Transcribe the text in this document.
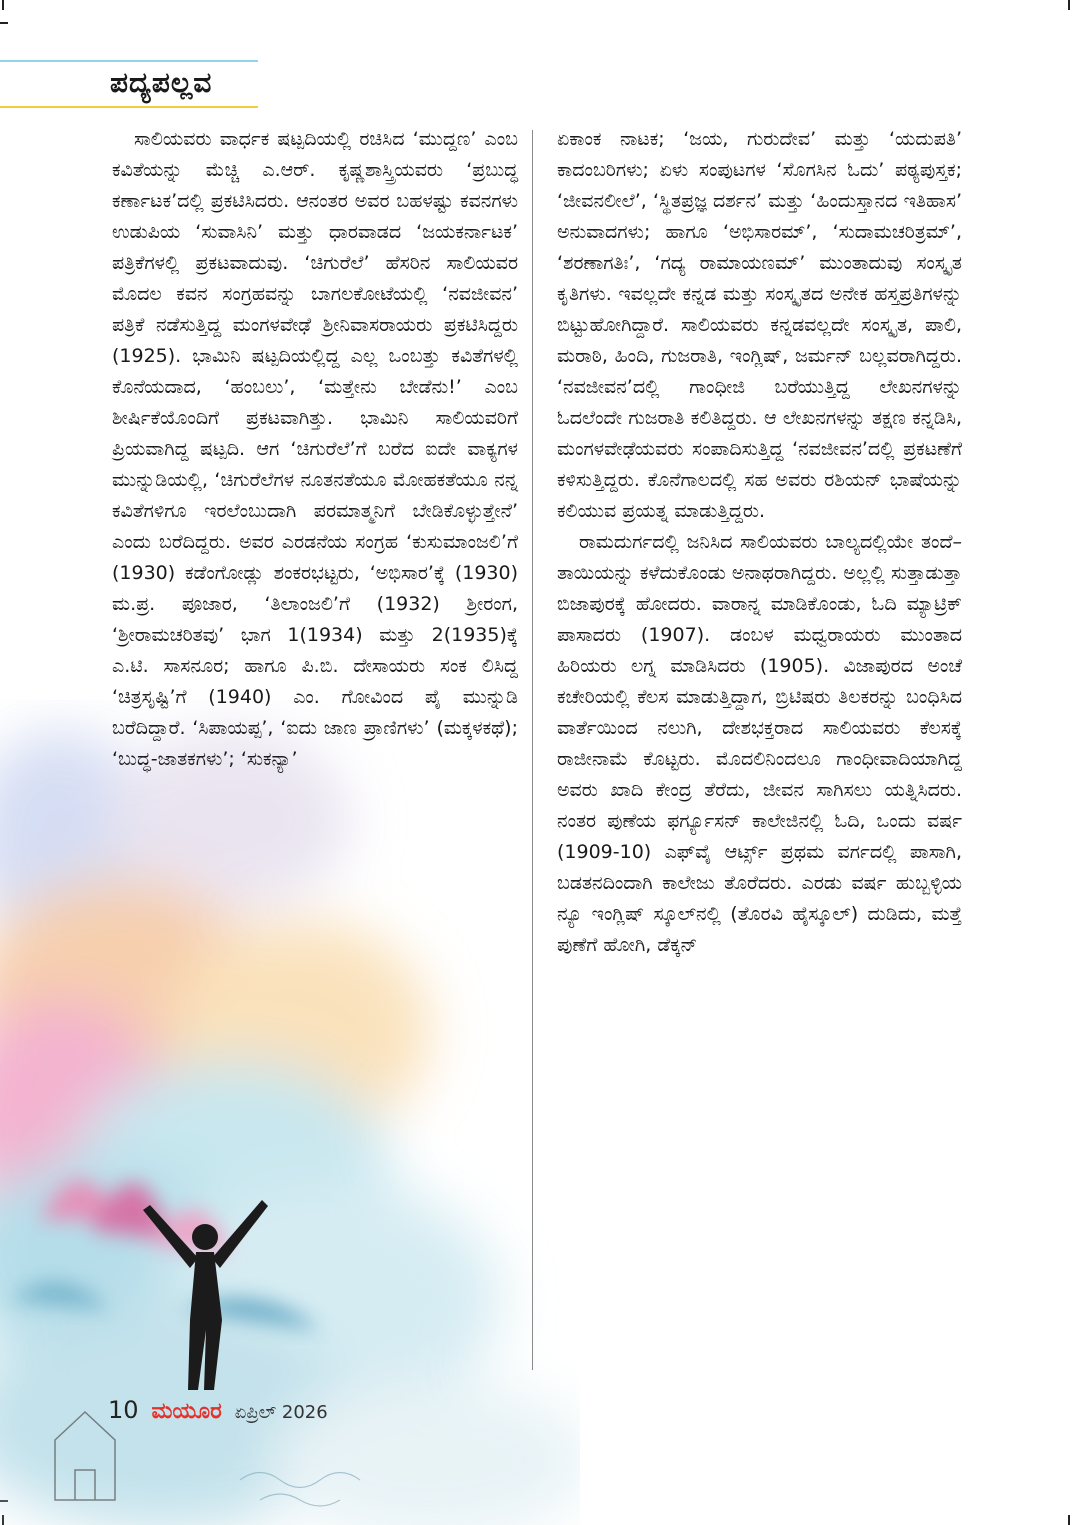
ಪದ್ಯಪಲ್ಲವ

ಸಾಲಿಯವರು ವಾರ್ಧಕ ಷಟ್ಪದಿಯಲ್ಲಿ ರಚಿಸಿದ ‘ಮುದ್ದಣ’ ಎಂಬ ಕವಿತೆಯನ್ನು ಮೆಚ್ಚಿ ಎ.ಆರ್. ಕೃಷ್ಣಶಾಸ್ತ್ರಿಯವರು ‘ಪ್ರಬುದ್ಧ ಕರ್ಣಾಟಕ’ದಲ್ಲಿ ಪ್ರಕಟಿಸಿದರು. ಆನಂತರ ಅವರ ಬಹಳಷ್ಟು ಕವನಗಳು ಉಡುಪಿಯ ‘ಸುವಾಸಿನಿ’ ಮತ್ತು ಧಾರವಾಡದ ‘ಜಯಕರ್ನಾಟಕ’ ಪತ್ರಿಕೆಗಳಲ್ಲಿ ಪ್ರಕಟವಾದುವು. ‘ಚಿಗುರೆಲೆ’ ಹೆಸರಿನ ಸಾಲಿಯವರ ಮೊದಲ ಕವನ ಸಂಗ್ರಹವನ್ನು ಬಾಗಲಕೋಟೆಯಲ್ಲಿ ‘ನವಜೀವನ’ ಪತ್ರಿಕೆ ನಡೆಸುತ್ತಿದ್ದ ಮಂಗಳವೇಢೆ ಶ್ರೀನಿವಾಸರಾಯರು ಪ್ರಕಟಿಸಿದ್ದರು (1925). ಭಾಮಿನಿ ಷಟ್ಪದಿಯಲ್ಲಿದ್ದ ಎಲ್ಲ ಒಂಬತ್ತು ಕವಿತೆಗಳಲ್ಲಿ ಕೊನೆಯದಾದ, ‘ಹಂಬಲು’, ‘ಮತ್ತೇನು ಬೇಡೆನು!’ ಎಂಬ ಶೀರ್ಷಿಕೆಯೊಂದಿಗೆ ಪ್ರಕಟವಾಗಿತ್ತು. ಭಾಮಿನಿ ಸಾಲಿಯವರಿಗೆ ಪ್ರಿಯವಾಗಿದ್ದ ಷಟ್ಪದಿ. ಆಗ ‘ಚಿಗುರೆಲೆ’ಗೆ ಬರೆದ ಐದೇ ವಾಕ್ಯಗಳ ಮುನ್ನುಡಿಯಲ್ಲಿ, ‘ಚಿಗುರೆಲೆಗಳ ನೂತನತೆಯೂ ಮೋಹಕತೆಯೂ ನನ್ನ ಕವಿತೆಗಳಿಗೂ ಇರಲೆಂಬುದಾಗಿ ಪರಮಾತ್ಮನಿಗೆ ಬೇಡಿಕೊಳ್ಳುತ್ತೇನೆ’ ಎಂದು ಬರೆದಿದ್ದರು. ಅವರ ಎರಡನೆಯ ಸಂಗ್ರಹ ‘ಕುಸುಮಾಂಜಲಿ’ಗೆ (1930) ಕಡೆಂಗೋಡ್ಲು ಶಂಕರಭಟ್ಟರು, ‘ಅಭಿಸಾರ’ಕ್ಕೆ (1930) ಮ.ಪ್ರ. ಪೂಜಾರ, ‘ತಿಲಾಂಜಲಿ’ಗೆ (1932) ಶ್ರೀರಂಗ, ‘ಶ್ರೀರಾಮಚರಿತವು’ ಭಾಗ 1(1934) ಮತ್ತು 2(1935)ಕ್ಕೆ ಎ.ಟಿ. ಸಾಸನೂರ; ಹಾಗೂ ಪಿ.ಬಿ. ದೇಸಾಯರು ಸಂಕ ಲಿಸಿದ್ದ ‘ಚಿತ್ರಸೃಷ್ಟಿ’ಗೆ (1940) ಎಂ. ಗೋವಿಂದ ಪೈ ಮುನ್ನುಡಿ ಬರೆದಿದ್ದಾರೆ. ‘ಸಿಪಾಯಪ್ಪ’, ‘ಐದು ಜಾಣ ಪ್ರಾಣಿಗಳು’ (ಮಕ್ಕಳಕಥೆ); ‘ಬುದ್ಧ-ಜಾತಕಗಳು’; ‘ಸುಕನ್ಯಾ’

ಏಕಾಂಕ ನಾಟಕ; ‘ಜಯ, ಗುರುದೇವ’ ಮತ್ತು ‘ಯದುಪತಿ’ ಕಾದಂಬರಿಗಳು; ಏಳು ಸಂಪುಟಗಳ ‘ಸೊಗಸಿನ ಓದು’ ಪಠ್ಯಪುಸ್ತಕ; ‘ಜೀವನಲೀಲೆ’, ‘ಸ್ಥಿತಪ್ರಜ್ಞ ದರ್ಶನ’ ಮತ್ತು ‘ಹಿಂದುಸ್ತಾನದ ಇತಿಹಾಸ’ ಅನುವಾದಗಳು; ಹಾಗೂ ‘ಅಭಿಸಾರಮ್’, ‘ಸುದಾಮಚರಿತ್ರಮ್’, ‘ಶರಣಾಗತಿಃ’, ‘ಗದ್ಯ ರಾಮಾಯಣಮ್’ ಮುಂತಾದುವು ಸಂಸ್ಕೃತ ಕೃತಿಗಳು. ಇವಲ್ಲದೇ ಕನ್ನಡ ಮತ್ತು ಸಂಸ್ಕೃತದ ಅನೇಕ ಹಸ್ತಪ್ರತಿಗಳನ್ನು ಬಿಟ್ಟುಹೋಗಿದ್ದಾರೆ. ಸಾಲಿಯವರು ಕನ್ನಡವಲ್ಲದೇ ಸಂಸ್ಕೃತ, ಪಾಲಿ, ಮರಾಠಿ, ಹಿಂದಿ, ಗುಜರಾತಿ, ಇಂಗ್ಲಿಷ್, ಜರ್ಮನ್ ಬಲ್ಲವರಾಗಿದ್ದರು. ‘ನವಜೀವನ’ದಲ್ಲಿ ಗಾಂಧೀಜಿ ಬರೆಯುತ್ತಿದ್ದ ಲೇಖನಗಳನ್ನು ಓದಲೆಂದೇ ಗುಜರಾತಿ ಕಲಿತಿದ್ದರು. ಆ ಲೇಖನಗಳನ್ನು ತಕ್ಷಣ ಕನ್ನಡಿಸಿ, ಮಂಗಳವೇಢೆಯವರು ಸಂಪಾದಿಸುತ್ತಿದ್ದ ‘ನವಜೀವನ’ದಲ್ಲಿ ಪ್ರಕಟಣೆಗೆ ಕಳಿಸುತ್ತಿದ್ದರು. ಕೊನೆಗಾಲದಲ್ಲಿ ಸಹ ಅವರು ರಶಿಯನ್ ಭಾಷೆಯನ್ನು ಕಲಿಯುವ ಪ್ರಯತ್ನ ಮಾಡುತ್ತಿದ್ದರು.

ರಾಮದುರ್ಗದಲ್ಲಿ ಜನಿಸಿದ ಸಾಲಿಯವರು ಬಾಲ್ಯದಲ್ಲಿಯೇ ತಂದೆ– ತಾಯಿಯನ್ನು ಕಳೆದುಕೊಂಡು ಅನಾಥರಾಗಿದ್ದರು. ಅಲ್ಲಲ್ಲಿ ಸುತ್ತಾಡುತ್ತಾ ಬಿಜಾಪುರಕ್ಕೆ ಹೋದರು. ವಾರಾನ್ನ ಮಾಡಿಕೊಂಡು, ಓದಿ ಮ್ಯಾಟ್ರಿಕ್ ಪಾಸಾದರು (1907). ಡಂಬಳ ಮಧ್ವರಾಯರು ಮುಂತಾದ ಹಿರಿಯರು ಲಗ್ನ ಮಾಡಿಸಿದರು (1905). ವಿಜಾಪುರದ ಅಂಚೆ ಕಚೇರಿಯಲ್ಲಿ ಕೆಲಸ ಮಾಡುತ್ತಿದ್ದಾಗ, ಬ್ರಿಟಿಷರು ತಿಲಕರನ್ನು ಬಂಧಿಸಿದ ವಾರ್ತೆಯಿಂದ ನಲುಗಿ, ದೇಶಭಕ್ತರಾದ ಸಾಲಿಯವರು ಕೆಲಸಕ್ಕೆ ರಾಜೀನಾಮೆ ಕೊಟ್ಟರು. ಮೊದಲಿನಿಂದಲೂ ಗಾಂಧೀವಾದಿಯಾಗಿದ್ದ ಅವರು ಖಾದಿ ಕೇಂದ್ರ ತೆರೆದು, ಜೀವನ ಸಾಗಿಸಲು ಯತ್ನಿಸಿದರು. ನಂತರ ಪುಣೆಯ ಫರ್ಗ್ಯೂಸನ್ ಕಾಲೇಜಿನಲ್ಲಿ ಓದಿ, ಒಂದು ವರ್ಷ (1909-10) ಎಫ್‌ವೈ ಆರ್ಟ್ಸ್ ಪ್ರಥಮ ವರ್ಗದಲ್ಲಿ ಪಾಸಾಗಿ, ಬಡತನದಿಂದಾಗಿ ಕಾಲೇಜು ತೊರೆದರು. ಎರಡು ವರ್ಷ ಹುಬ್ಬಳ್ಳಿಯ ನ್ಯೂ ಇಂಗ್ಲಿಷ್ ಸ್ಕೂಲ್‌ನಲ್ಲಿ (ತೊರವಿ ಹೈಸ್ಕೂಲ್) ದುಡಿದು, ಮತ್ತೆ ಪುಣೆಗೆ ಹೋಗಿ, ಡೆಕ್ಕನ್

10 ಮಯೂರ ಏಪ್ರಿಲ್ 2026
